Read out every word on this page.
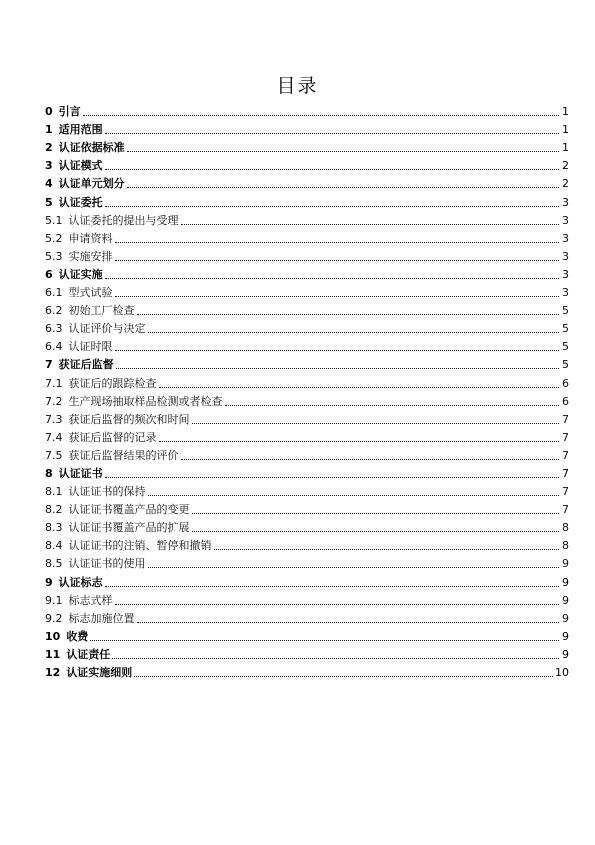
目录
0 引言	1
1 适用范围	1
2 认证依据标准	1
3 认证模式	2
4 认证单元划分	2
5 认证委托	3
5.1 认证委托的提出与受理	3
5.2 申请资料	3
5.3 实施安排	3
6 认证实施	3
6.1 型式试验	3
6.2 初始工厂检查	5
6.3 认证评价与决定	5
6.4 认证时限	5
7 获证后监督	5
7.1 获证后的跟踪检查	6
7.2 生产现场抽取样品检测或者检查	6
7.3 获证后监督的频次和时间	7
7.4 获证后监督的记录	7
7.5 获证后监督结果的评价	7
8 认证证书	7
8.1 认证证书的保持	7
8.2 认证证书覆盖产品的变更	7
8.3 认证证书覆盖产品的扩展	8
8.4 认证证书的注销、暂停和撤销	8
8.5 认证证书的使用	9
9 认证标志	9
9.1 标志式样	9
9.2 标志加施位置	9
10 收费	9
11 认证责任	9
12 认证实施细则	10
